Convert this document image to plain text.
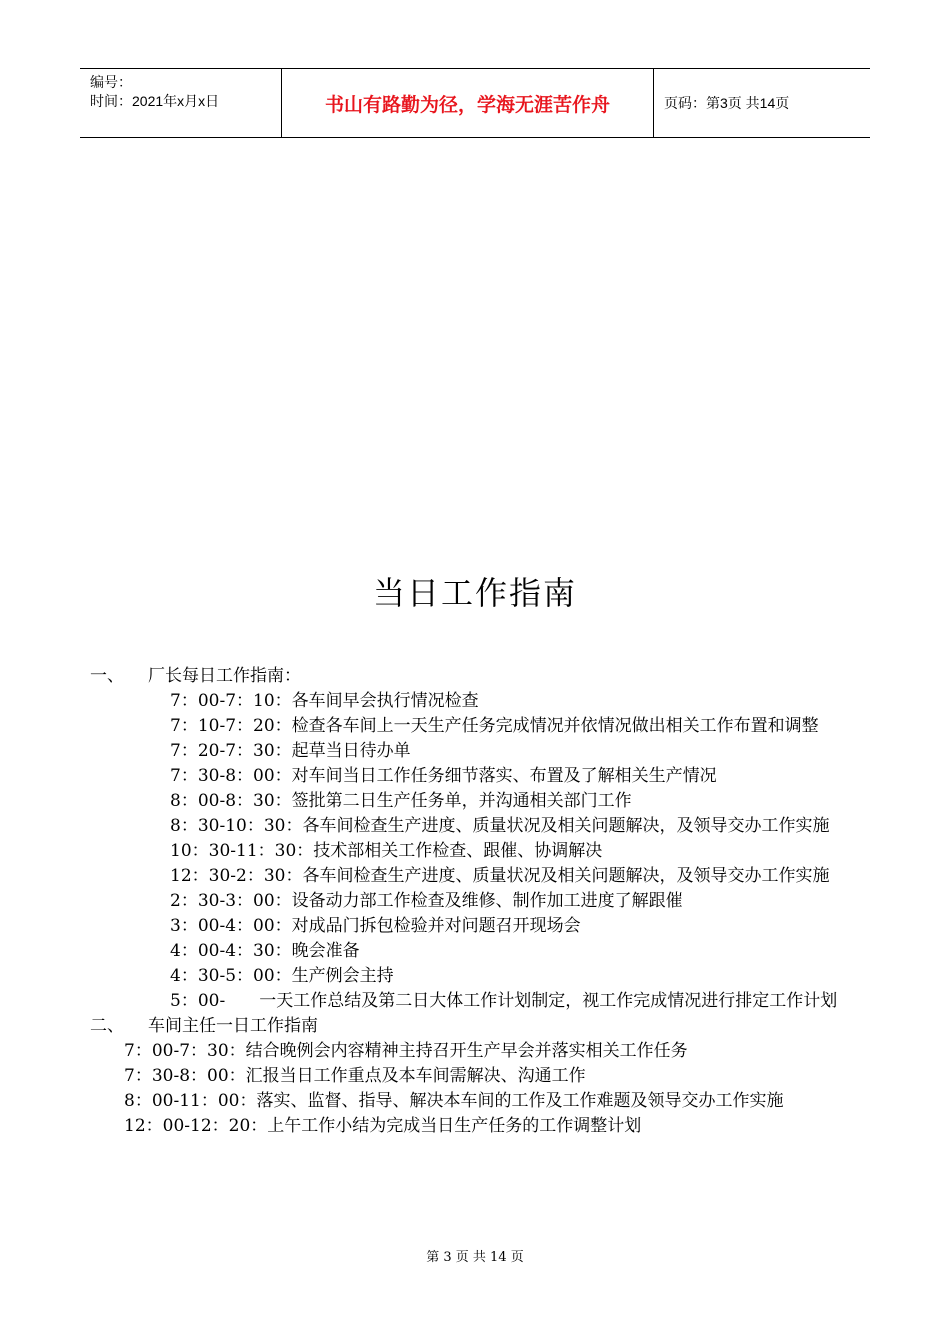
编号：
时间：2021年x月x日	书山有路勤为径，学海无涯苦作舟	页码：第3页 共14页
当日工作指南
一、	厂长每日工作指南：
7：00-7：10：各车间早会执行情况检查
7：10-7：20：检查各车间上一天生产任务完成情况并依情况做出相关工作布置和调整
7：20-7：30：起草当日待办单
7：30-8：00：对车间当日工作任务细节落实、布置及了解相关生产情况
8：00-8：30：签批第二日生产任务单，并沟通相关部门工作
8：30-10：30：各车间检查生产进度、质量状况及相关问题解决，及领导交办工作实施
10：30-11：30：技术部相关工作检查、跟催、协调解决
12：30-2：30：各车间检查生产进度、质量状况及相关问题解决，及领导交办工作实施
2：30-3：00：设备动力部工作检查及维修、制作加工进度了解跟催
3：00-4：00：对成品门拆包检验并对问题召开现场会
4：00-4：30：晚会准备
4：30-5：00：生产例会主持
5：00-　　一天工作总结及第二日大体工作计划制定，视工作完成情况进行排定工作计划
二、	车间主任一日工作指南
7：00-7：30：结合晚例会内容精神主持召开生产早会并落实相关工作任务
7：30-8：00：汇报当日工作重点及本车间需解决、沟通工作
8：00-11：00：落实、监督、指导、解决本车间的工作及工作难题及领导交办工作实施
12：00-12：20：上午工作小结为完成当日生产任务的工作调整计划
第 3 页 共 14 页
